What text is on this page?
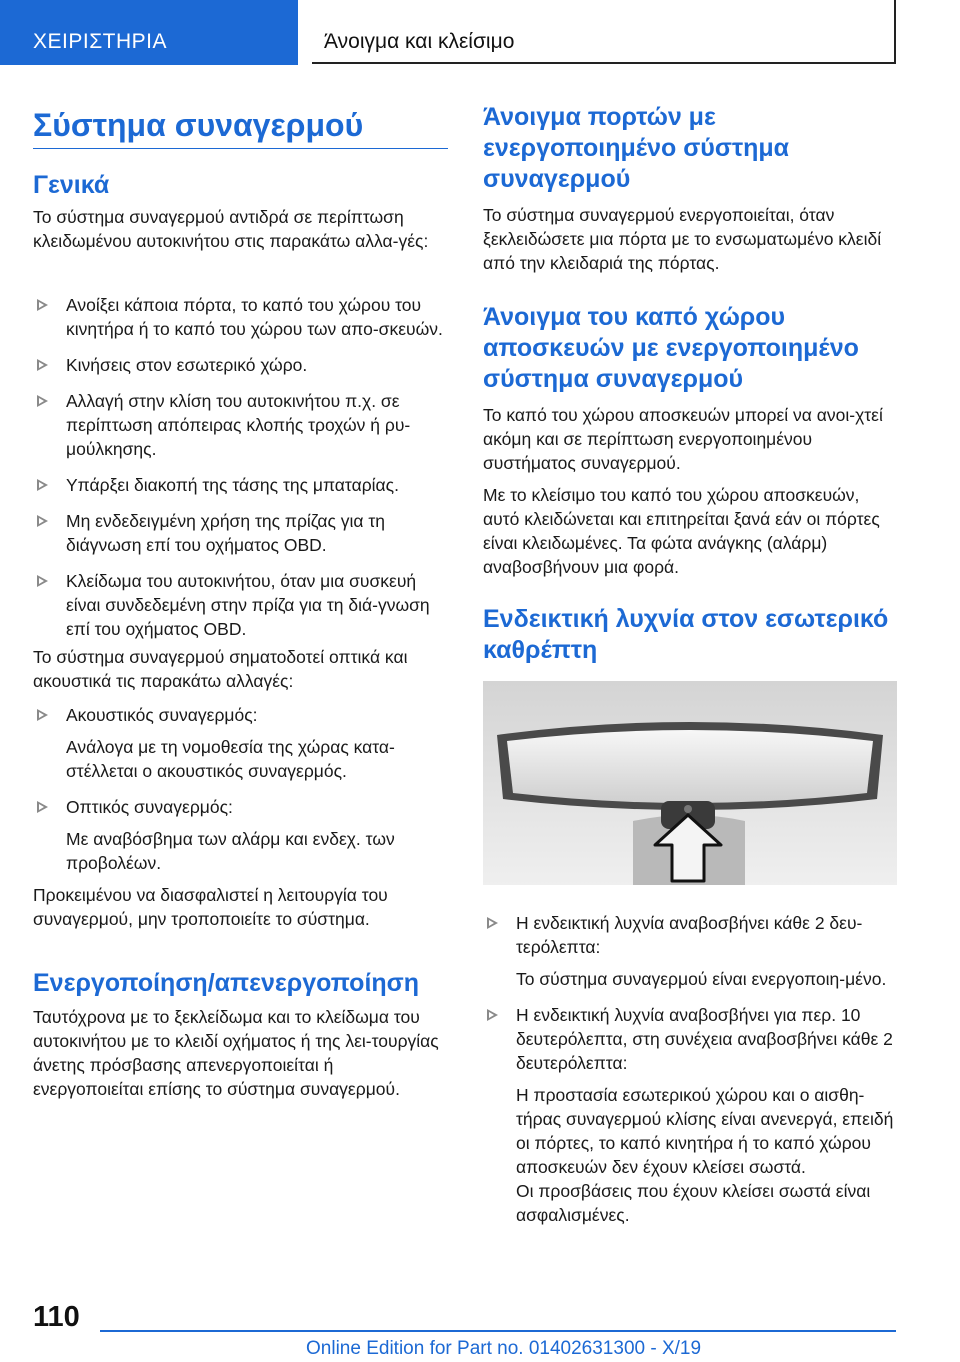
ΧΕΙΡΙΣΤΗΡΙΑ	Άνοιγμα και κλείσιμο
Σύστημα συναγερμού
Γενικά

Το σύστημα συναγερμού αντιδρά σε περίπτωση κλειδωμένου αυτοκινήτου στις παρακάτω αλλα-γές:

Ανοίξει κάποια πόρτα, το καπό του χώρου του κινητήρα ή το καπό του χώρου των απο-σκευών.

Κινήσεις στον εσωτερικό χώρο.

Αλλαγή στην κλίση του αυτοκινήτου π.χ. σε περίπτωση απόπειρας κλοπής τροχών ή ρυ-μούλκησης.

Υπάρξει διακοπή της τάσης της μπαταρίας.

Μη ενδεδειγμένη χρήση της πρίζας για τη διάγνωση επί του οχήματος OBD.

Κλείδωμα του αυτοκινήτου, όταν μια συσκευή είναι συνδεδεμένη στην πρίζα για τη διά-γνωση επί του οχήματος OBD.

Το σύστημα συναγερμού σηματοδοτεί οπτικά και ακουστικά τις παρακάτω αλλαγές:

Ακουστικός συναγερμός:

Ανάλογα με τη νομοθεσία της χώρας κατα-στέλλεται ο ακουστικός συναγερμός.

Οπτικός συναγερμός:

Με αναβόσβημα των αλάρμ και ενδεχ. των προβολέων.

Προκειμένου να διασφαλιστεί η λειτουργία του συναγερμού, μην τροποποιείτε το σύστημα.

Ενεργοποίηση/απενεργοποίηση

Ταυτόχρονα με το ξεκλείδωμα και το κλείδωμα του αυτοκινήτου με το κλειδί οχήματος ή της λει-τουργίας άνετης πρόσβασης απενεργοποιείται ή ενεργοποιείται επίσης το σύστημα συναγερμού.

Άνοιγμα πορτών με ενεργοποιημένο σύστημα συναγερμού

Το σύστημα συναγερμού ενεργοποιείται, όταν ξεκλειδώσετε μια πόρτα με το ενσωματωμένο κλειδί από την κλειδαριά της πόρτας.

Άνοιγμα του καπό χώρου αποσκευών με ενεργοποιημένο σύστημα συναγερμού

Το καπό του χώρου αποσκευών μπορεί να ανοι-χτεί ακόμη και σε περίπτωση ενεργοποιημένου συστήματος συναγερμού.

Με το κλείσιμο του καπό του χώρου αποσκευών, αυτό κλειδώνεται και επιτηρείται ξανά εάν οι πόρτες είναι κλειδωμένες. Τα φώτα ανάγκης (αλάρμ) αναβοσβήνουν μια φορά.

Ενδεικτική λυχνία στον εσωτερικό καθρέπτη

Η ενδεικτική λυχνία αναβοσβήνει κάθε 2 δευ-τερόλεπτα:

Το σύστημα συναγερμού είναι ενεργοποιη-μένο.

Η ενδεικτική λυχνία αναβοσβήνει για περ. 10 δευτερόλεπτα, στη συνέχεια αναβοσβήνει κάθε 2 δευτερόλεπτα:

Η προστασία εσωτερικού χώρου και ο αισθη-τήρας συναγερμού κλίσης είναι ανενεργά, επειδή οι πόρτες, το καπό κινητήρα ή το καπό χώρου αποσκευών δεν έχουν κλείσει σωστά.

Οι προσβάσεις που έχουν κλείσει σωστά είναι ασφαλισμένες.

110
Online Edition for Part no. 01402631300 - X/19
